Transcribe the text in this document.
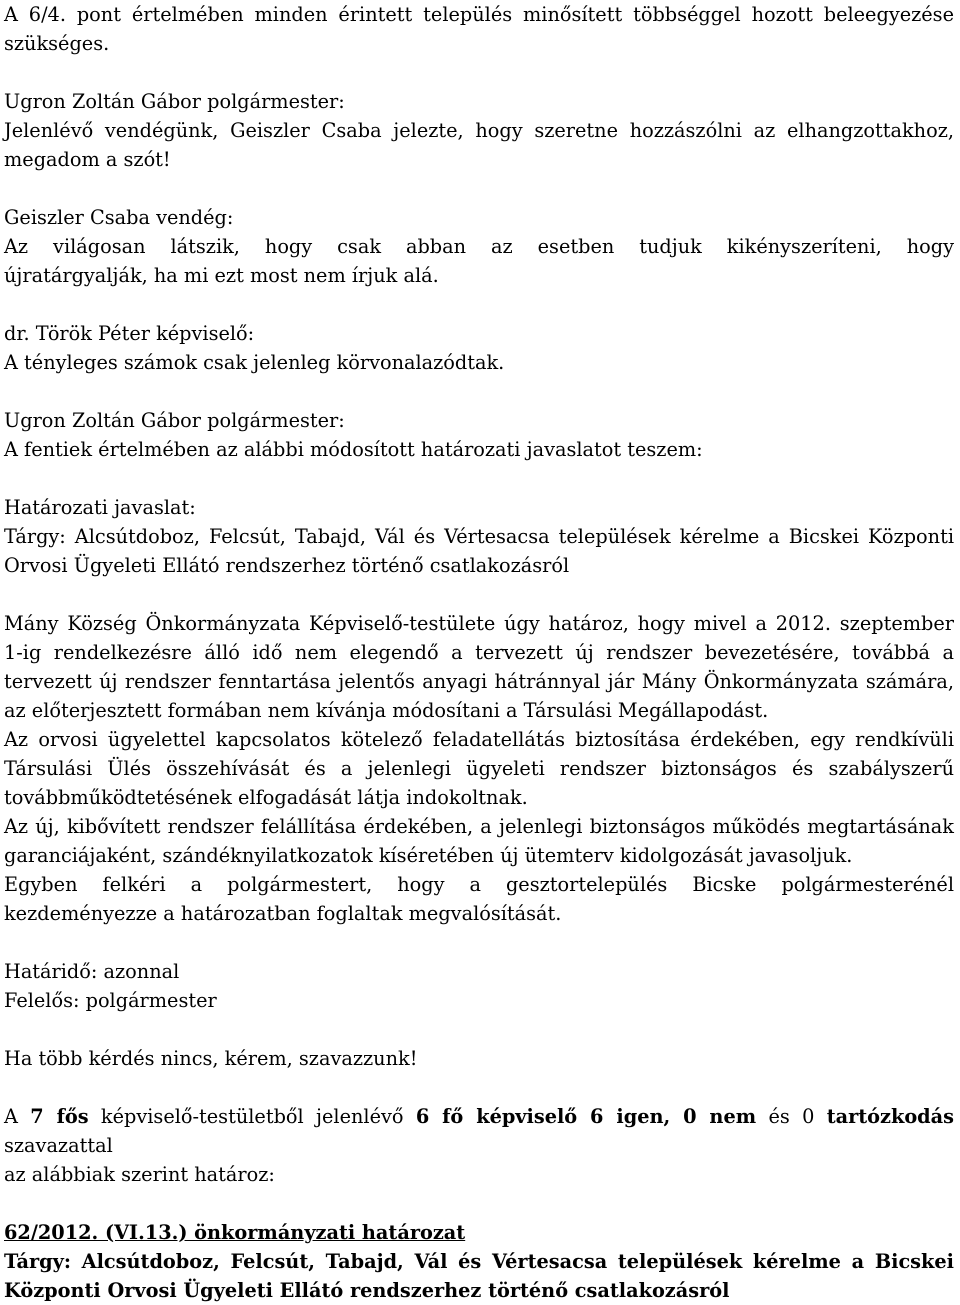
A 6/4. pont értelmében minden érintett település minősített többséggel hozott beleegyezése

szükséges.

Ugron Zoltán Gábor polgármester:

Jelenlévő vendégünk, Geiszler Csaba jelezte, hogy szeretne hozzászólni az elhangzottakhoz,

megadom a szót!

Geiszler Csaba vendég:

Az világosan látszik, hogy csak abban az esetben tudjuk kikényszeríteni, hogy

újratárgyalják, ha mi ezt most nem írjuk alá.

dr. Török Péter képviselő:

A tényleges számok csak jelenleg körvonalazódtak.

Ugron Zoltán Gábor polgármester:

A fentiek értelmében az alábbi módosított határozati javaslatot teszem:

Határozati javaslat:

Tárgy: Alcsútdoboz, Felcsút, Tabajd, Vál és Vértesacsa települések kérelme a Bicskei Központi

Orvosi Ügyeleti Ellátó rendszerhez történő csatlakozásról

Mány Község Önkormányzata Képviselő-testülete úgy határoz, hogy mivel a 2012. szeptember

1-ig rendelkezésre álló idő nem elegendő a tervezett új rendszer bevezetésére, továbbá a

tervezett új rendszer fenntartása jelentős anyagi hátránnyal jár Mány Önkormányzata számára,

az előterjesztett formában nem kívánja módosítani a Társulási Megállapodást.

Az orvosi ügyelettel kapcsolatos kötelező feladatellátás biztosítása érdekében, egy rendkívüli

Társulási Ülés összehívását és a jelenlegi ügyeleti rendszer biztonságos és szabályszerű

továbbműködtetésének elfogadását látja indokoltnak.

Az új, kibővített rendszer felállítása érdekében, a jelenlegi biztonságos működés megtartásának

garanciájaként, szándéknyilatkozatok kíséretében új ütemterv kidolgozását javasoljuk.

Egyben felkéri a polgármestert, hogy a gesztortelepülés Bicske polgármesterénél

kezdeményezze a határozatban foglaltak megvalósítását.

Határidő: azonnal

Felelős: polgármester

Ha több kérdés nincs, kérem, szavazzunk!

A 7 fős képviselő-testületből jelenlévő 6 fő képviselő 6 igen, 0 nem és 0 tartózkodás szavazattal

az alábbiak szerint határoz:

62/2012. (VI.13.) önkormányzati határozat

Tárgy: Alcsútdoboz, Felcsút, Tabajd, Vál és Vértesacsa települések kérelme a Bicskei

Központi Orvosi Ügyeleti Ellátó rendszerhez történő csatlakozásról
